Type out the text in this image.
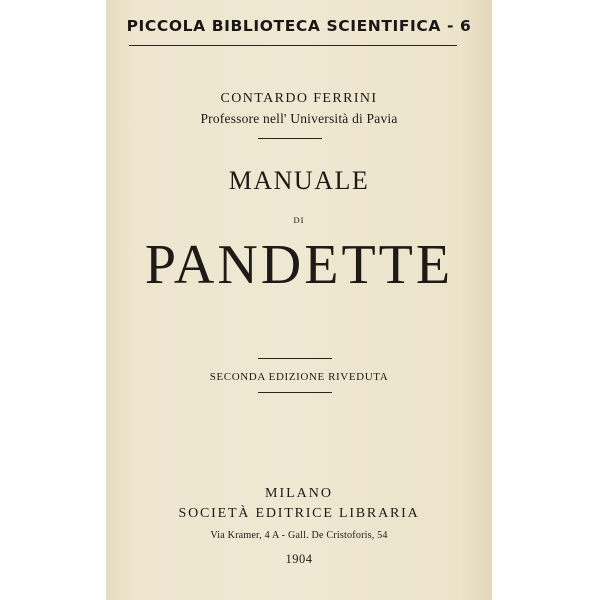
PICCOLA BIBLIOTECA SCIENTIFICA - 6
CONTARDO FERRINI
Professore nell' Università di Pavia
MANUALE
DI
PANDETTE
SECONDA EDIZIONE RIVEDUTA
MILANO
SOCIETÀ EDITRICE LIBRARIA
Via Kramer, 4 A - Gall. De Cristoforis, 54
1904
